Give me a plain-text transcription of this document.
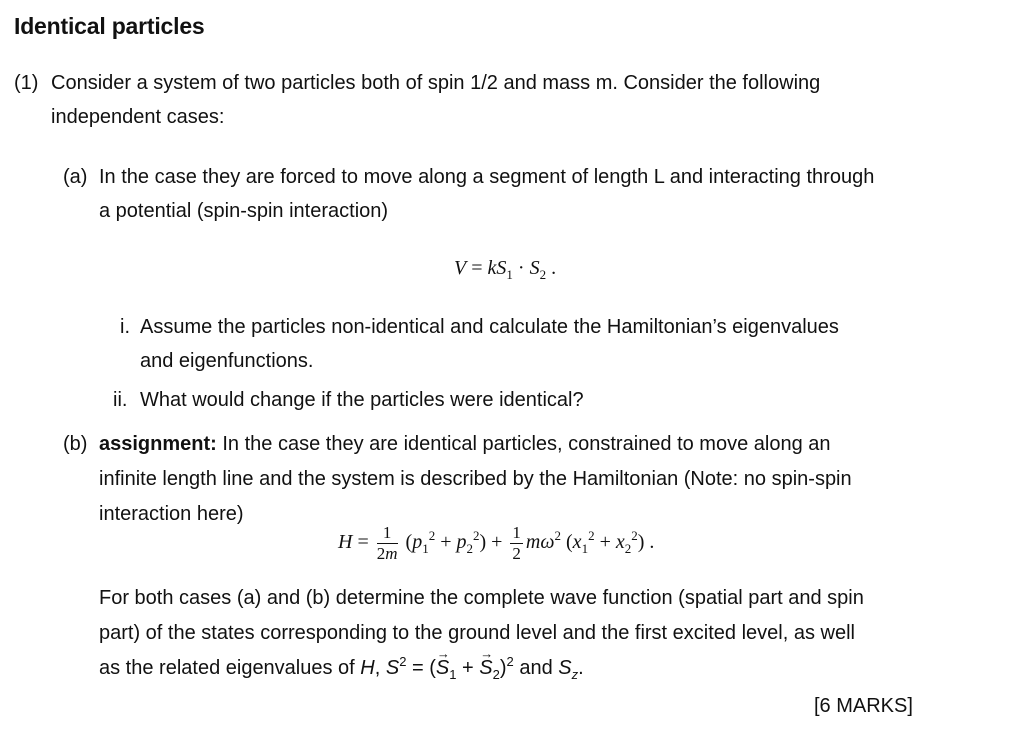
Identical particles
(1) Consider a system of two particles both of spin 1/2 and mass m. Consider the following
independent cases:
(a) In the case they are forced to move along a segment of length L and interacting through
a potential (spin-spin interaction)
$V = kS_1 \cdot S_2$ .
i. Assume the particles non-identical and calculate the Hamiltonian’s eigenvalues
and eigenfunctions.
ii. What would change if the particles were identical?
(b) assignment: In the case they are identical particles, constrained to move along an
infinite length line and the system is described by the Hamiltonian (Note: no spin-spin
interaction here)
$H = \frac{1}{2m} (p_1^2 + p_2^2) + \frac{1}{2} m\omega^2$ $(x_1^2 + x_2^2)$ .
For both cases (a) and (b) determine the complete wave function (spatial part and spin
part) of the states corresponding to the ground level and the first excited level, as well
as the related eigenvalues of H, $S^2$ = (→ $S_1$ + → $S_2)^2$ and $S_z$.
[6 MARKS]
